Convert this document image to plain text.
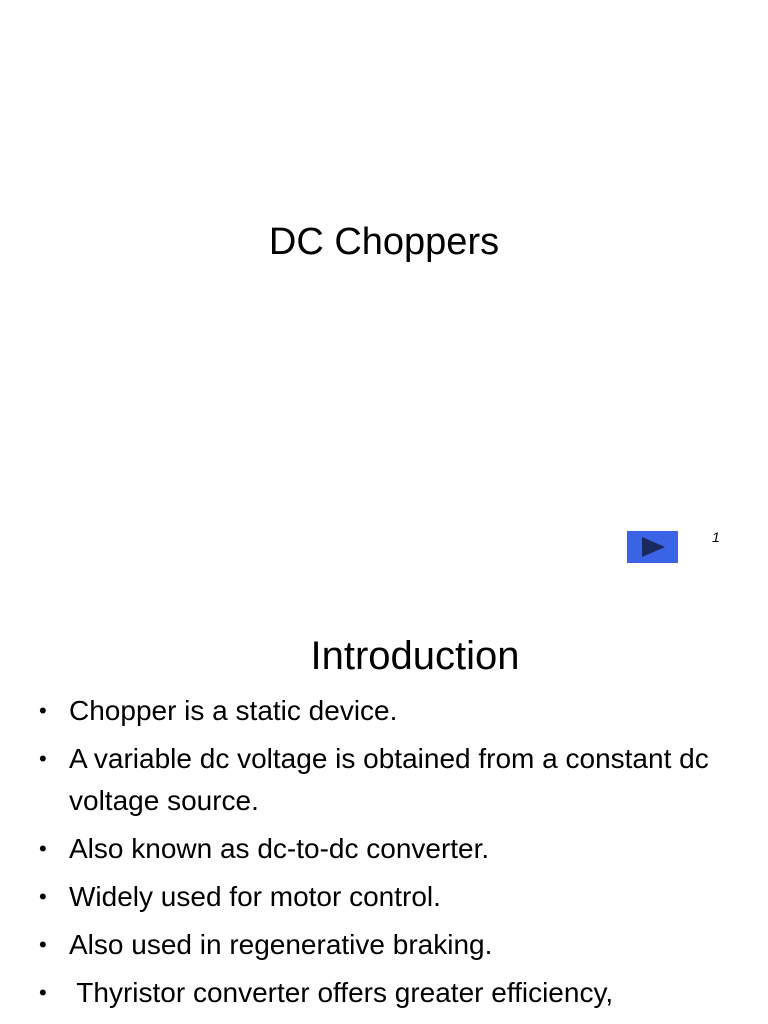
DC Choppers
1
Introduction
• Chopper is a static device.
• A variable dc voltage is obtained from a constant dc voltage source.
• Also known as dc-to-dc converter.
• Widely used for motor control.
• Also used in regenerative braking.
• Thyristor converter offers greater efficiency,
